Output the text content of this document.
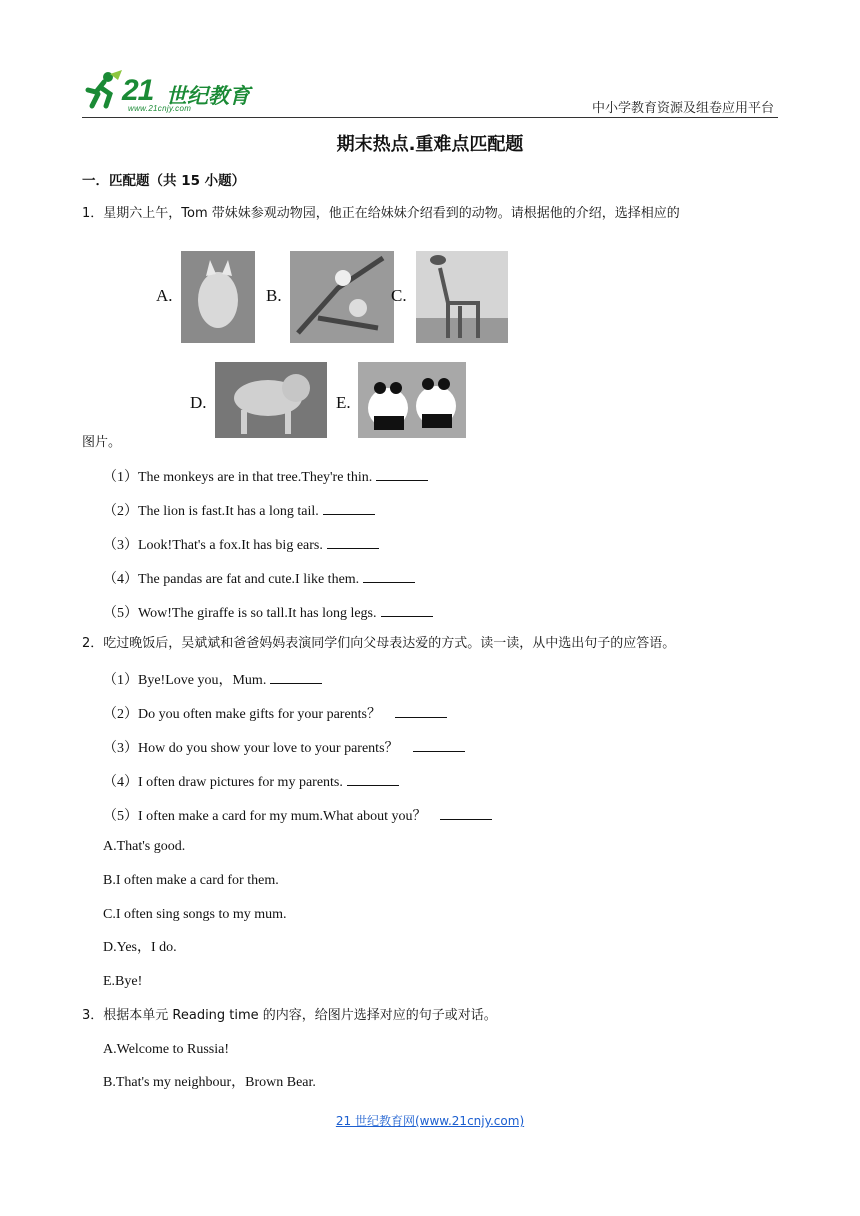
21 世纪教育
www.21cnjy.com	中小学教育资源及组卷应用平台
期末热点.重难点匹配题
一．匹配题（共 15 小题）
1．星期六上午，Tom 带妹妹参观动物园，他正在给妹妹介绍看到的动物。请根据他的介绍，选择相应的
A.	B.	C.
D.	E.
图片。
（1）The monkeys are in that tree.They're thin.
（2）The lion is fast.It has a long tail.
（3）Look!That's a fox.It has big ears.
（4）The pandas are fat and cute.I like them.
（5）Wow!The giraffe is so tall.It has long legs.
2．吃过晚饭后，吴斌斌和爸爸妈妈表演同学们向父母表达爱的方式。读一读，从中选出句子的应答语。
（1）Bye!Love you，Mum.
（2）Do you often make gifts for your parents？
（3）How do you show your love to your parents？
（4）I often draw pictures for my parents.
（5）I often make a card for my mum.What about you？
A.That's good.
B.I often make a card for them.
C.I often sing songs to my mum.
D.Yes，I do.
E.Bye!
3．根据本单元 Reading time 的内容，给图片选择对应的句子或对话。
A.Welcome to Russia!
B.That's my neighbour，Brown Bear.
21 世纪教育网(www.21cnjy.com)
